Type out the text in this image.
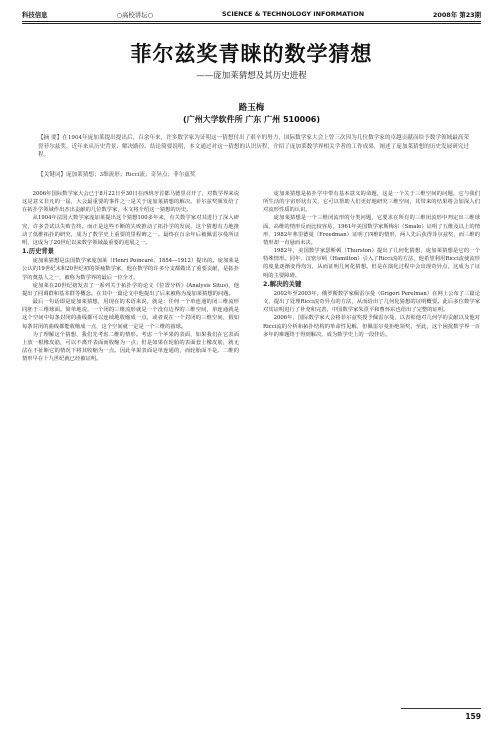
科技信息	○高校讲坛○	SCIENCE & TECHNOLOGY INFORMATION	2008年 第23期
菲尔兹奖青睐的数学猜想
——庞加莱猜想及其历史进程
路玉梅
(广州大学软件所 广东 广州 510006)
【摘 要】在1904年庞加莱提出提出后，百余年来，许多数学家为证明这一猜想付出了艰辛的努力，国际数学家大会上曾三次因为几位数学家的卓越贡献而给予数学领域最高荣誉菲尔兹奖。近年来从历史背景、解决路径、结论简要说明，本文通过对这一猜想的认识历程，介绍了庞加莱数学界相关学者的工作成果，阐述了庞加莱猜想的历史发展研究过程。
【关键词】庞加莱猜想；3维流形；Ricci流；奇异点；菲尔兹奖

2006年国际数学家大会已于8月22日至30日在西班牙首都马德里召开了，对数学界来说这是意义非凡的一届，大会最重要的事件之一是关于庞加莱猜想的解决。菲尔兹奖颁发给了在拓扑学领域作出杰出贡献的几位数学家，本文将介绍这一猜想的历史。

从1904年法国大数学家庞加莱提出这个猜想100多年来，有关数学家对其进行了深入研究，许多尝试以失败告终。而正是这些不断的失败推动了拓扑学的发展，这个猜想有力地推动了低维拓扑的研究，成为了数学史上重要的里程碑之一。最终在百余年后被佩雷尔曼所证明，这成为了20世纪以来数学领域最重要的进展之一。

1.历史背景

庞加莱猜想是法国数学家庞加莱（Henri Poincaré，1854—1912）提出的。庞加莱是公认的19世纪末和20世纪初的领袖数学家，他在数学的许多分支都做出了重要贡献，是拓扑学的奠基人之一，被称为数学界的最后一位全才。

庞加莱在20世纪初发表了一系列关于拓扑学的论文《位置分析》(Analysis Situs)，他提出了同调群和基本群等概念。在其中一篇论文中他提出了后来被称为庞加莱猜想的问题。

最后一句话即是庞加莱猜想，用现在的术语来说，就是：任何一个单连通的闭三维流形同胚于三维球面。简单地说，一个闭的三维流形就是一个没有边界的三维空间，单连通就是这个空间中每条封闭的曲线都可以连续地收缩成一点，或者说在一个封闭的三维空间，假如每条封闭的曲线都能收缩成一点，这个空间就一定是一个三维的圆球。

为了理解这个猜想，我们先考虑二维的情形。考虑一个苹果的表面，如果我们在它表面上放一根橡皮筋，可以不离开表面而收缩为一点；但是如果在轮胎的表面套上橡皮筋，就无法在不扯断它的情况下将其收缩为一点。因此苹果表面是单连通的，而轮胎面不是。二维的情形早在十九世纪就已经被证明。

庞加莱猜想是拓扑学中带有基本意义的命题，这是一个关于三维空间的问题，它与我们所生活的宇宙形状有关，它可以帮助人们更好地研究三维空间，其带来的结果将会加深人们对流形性质的认识。

庞加莱猜想是一个三维闭流形的分类问题，它要求在所有的三维闭流形中判定出三维球面。高维的情形反而比较容易，1961年美国数学家斯梅尔（Smale）证明了五维及以上的情形，1982年弗里德曼（Freedman）证明了四维的情形，两人先后获得菲尔兹奖，而三维的情形却一直悬而未决。

1982年，美国数学家瑟斯顿（Thurston）提出了几何化猜想，庞加莱猜想是它的一个特殊情形。同年，汉密尔顿（Hamilton）引入了Ricci流的方法，他希望利用Ricci流使流形的度量逐渐变得均匀，从而证明几何化猜想。但是在演化过程中会出现奇异点，这成为了证明的主要障碍。

2.解决的关键

2002年至2003年，俄罗斯数学家佩雷尔曼（Grigori Perelman）在网上公布了三篇论文，提出了处理Ricci流奇异点的方法，从而给出了几何化猜想的证明概要。此后多位数学家对其证明进行了补充和完善，中国数学家朱熹平和曹怀东也给出了完整的证明。

2006年，国际数学家大会将菲尔兹奖授予佩雷尔曼，以表彰他对几何学的贡献以及他对Ricci流的分析和拓扑结构的革命性见解，但佩雷尔曼拒绝领奖。至此，这个困扰数学界一百多年的难题终于得到解决，成为数学史上的一段佳话。

159
